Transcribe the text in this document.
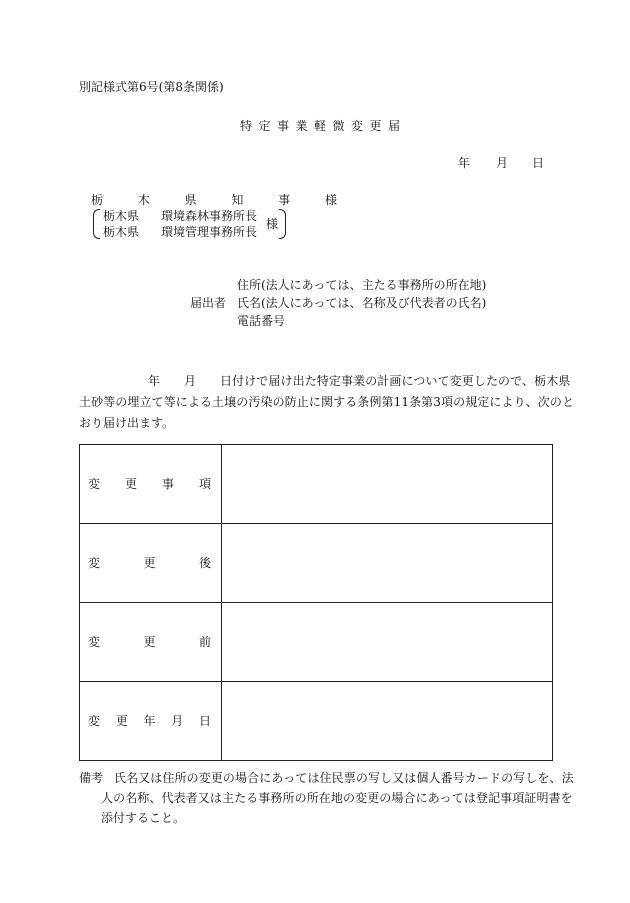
別記様式第6号(第8条関係)
特定事業軽微変更届
年 月 日
栃	木	県	知	事	様
栃木県 環境森林事務所長
栃木県 環境管理事務所長
様
住所(法人にあっては、主たる事務所の所在地)
届出者 氏名(法人にあっては、名称及び代表者の氏名)
電話番号
年 月 日付けで届け出た特定事業の計画について変更したので、栃木県
土砂等の埋立て等による土壌の汚染の防止に関する条例第11条第3項の規定により、次のと
おり届け出ます。
変更事項	

変更後	

変更前	

変更年月日	

備考 氏名又は住所の変更の場合にあっては住民票の写し又は個人番号カードの写しを、法
人の名称、代表者又は主たる事務所の所在地の変更の場合にあっては登記事項証明書を
添付すること。
